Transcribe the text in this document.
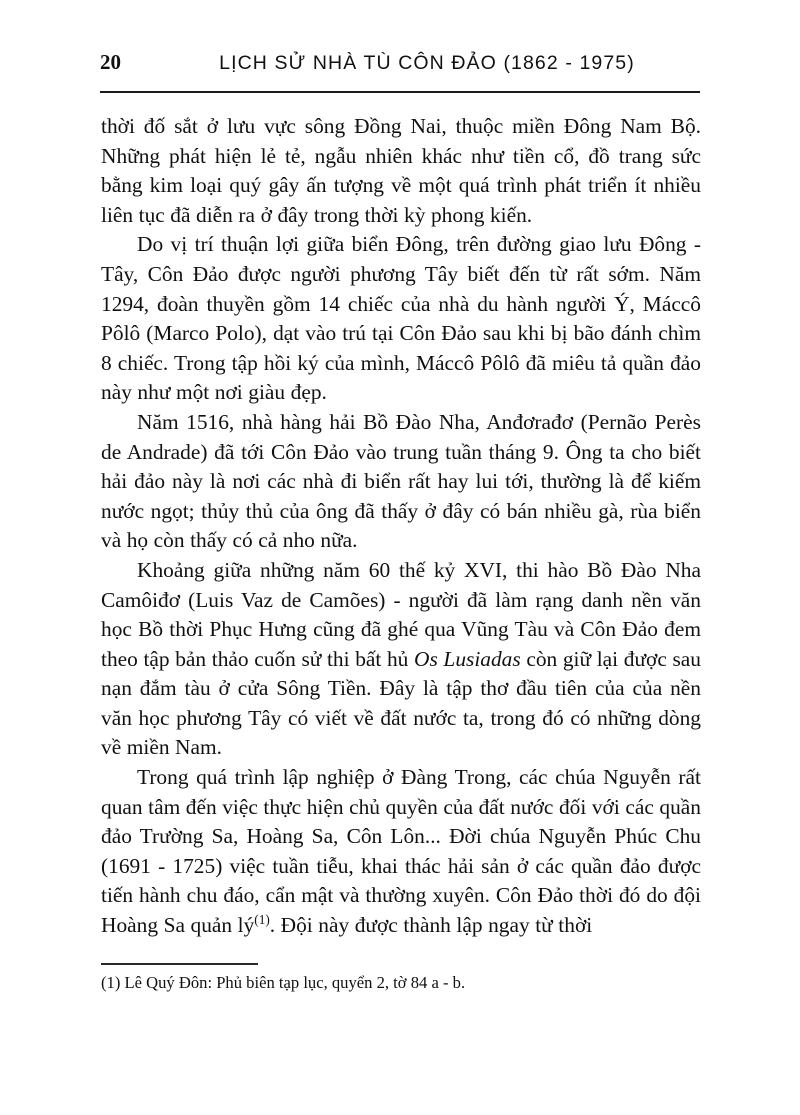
20	LỊCH SỬ NHÀ TÙ CÔN ĐẢO (1862 - 1975)

thời đố sắt ở lưu vực sông Đồng Nai, thuộc miền Đông Nam Bộ. Những phát hiện lẻ tẻ, ngẫu nhiên khác như tiền cổ, đồ trang sức bằng kim loại quý gây ấn tượng về một quá trình phát triển ít nhiều liên tục đã diễn ra ở đây trong thời kỳ phong kiến.

Do vị trí thuận lợi giữa biển Đông, trên đường giao lưu Đông - Tây, Côn Đảo được người phương Tây biết đến từ rất sớm. Năm 1294, đoàn thuyền gồm 14 chiếc của nhà du hành người Ý, Máccô Pôlô (Marco Polo), dạt vào trú tại Côn Đảo sau khi bị bão đánh chìm 8 chiếc. Trong tập hồi ký của mình, Máccô Pôlô đã miêu tả quần đảo này như một nơi giàu đẹp.

Năm 1516, nhà hàng hải Bồ Đào Nha, Anđơrađơ (Pernão Perès de Andrade) đã tới Côn Đảo vào trung tuần tháng 9. Ông ta cho biết hải đảo này là nơi các nhà đi biển rất hay lui tới, thường là để kiếm nước ngọt; thủy thủ của ông đã thấy ở đây có bán nhiều gà, rùa biển và họ còn thấy có cả nho nữa.

Khoảng giữa những năm 60 thế kỷ XVI, thi hào Bồ Đào Nha Camôiđơ (Luis Vaz de Camões) - người đã làm rạng danh nền văn học Bồ thời Phục Hưng cũng đã ghé qua Vũng Tàu và Côn Đảo đem theo tập bản thảo cuốn sử thi bất hủ Os Lusiadas còn giữ lại được sau nạn đắm tàu ở cửa Sông Tiền. Đây là tập thơ đầu tiên của của nền văn học phương Tây có viết về đất nước ta, trong đó có những dòng về miền Nam.

Trong quá trình lập nghiệp ở Đàng Trong, các chúa Nguyễn rất quan tâm đến việc thực hiện chủ quyền của đất nước đối với các quần đảo Trường Sa, Hoàng Sa, Côn Lôn... Đời chúa Nguyễn Phúc Chu (1691 - 1725) việc tuần tiễu, khai thác hải sản ở các quần đảo được tiến hành chu đáo, cẩn mật và thường xuyên. Côn Đảo thời đó do đội Hoàng Sa quản lý$^{(1)}$. Đội này được thành lập ngay từ thời

(1) Lê Quý Đôn: Phủ biên tạp lục, quyển 2, tờ 84 a - b.
